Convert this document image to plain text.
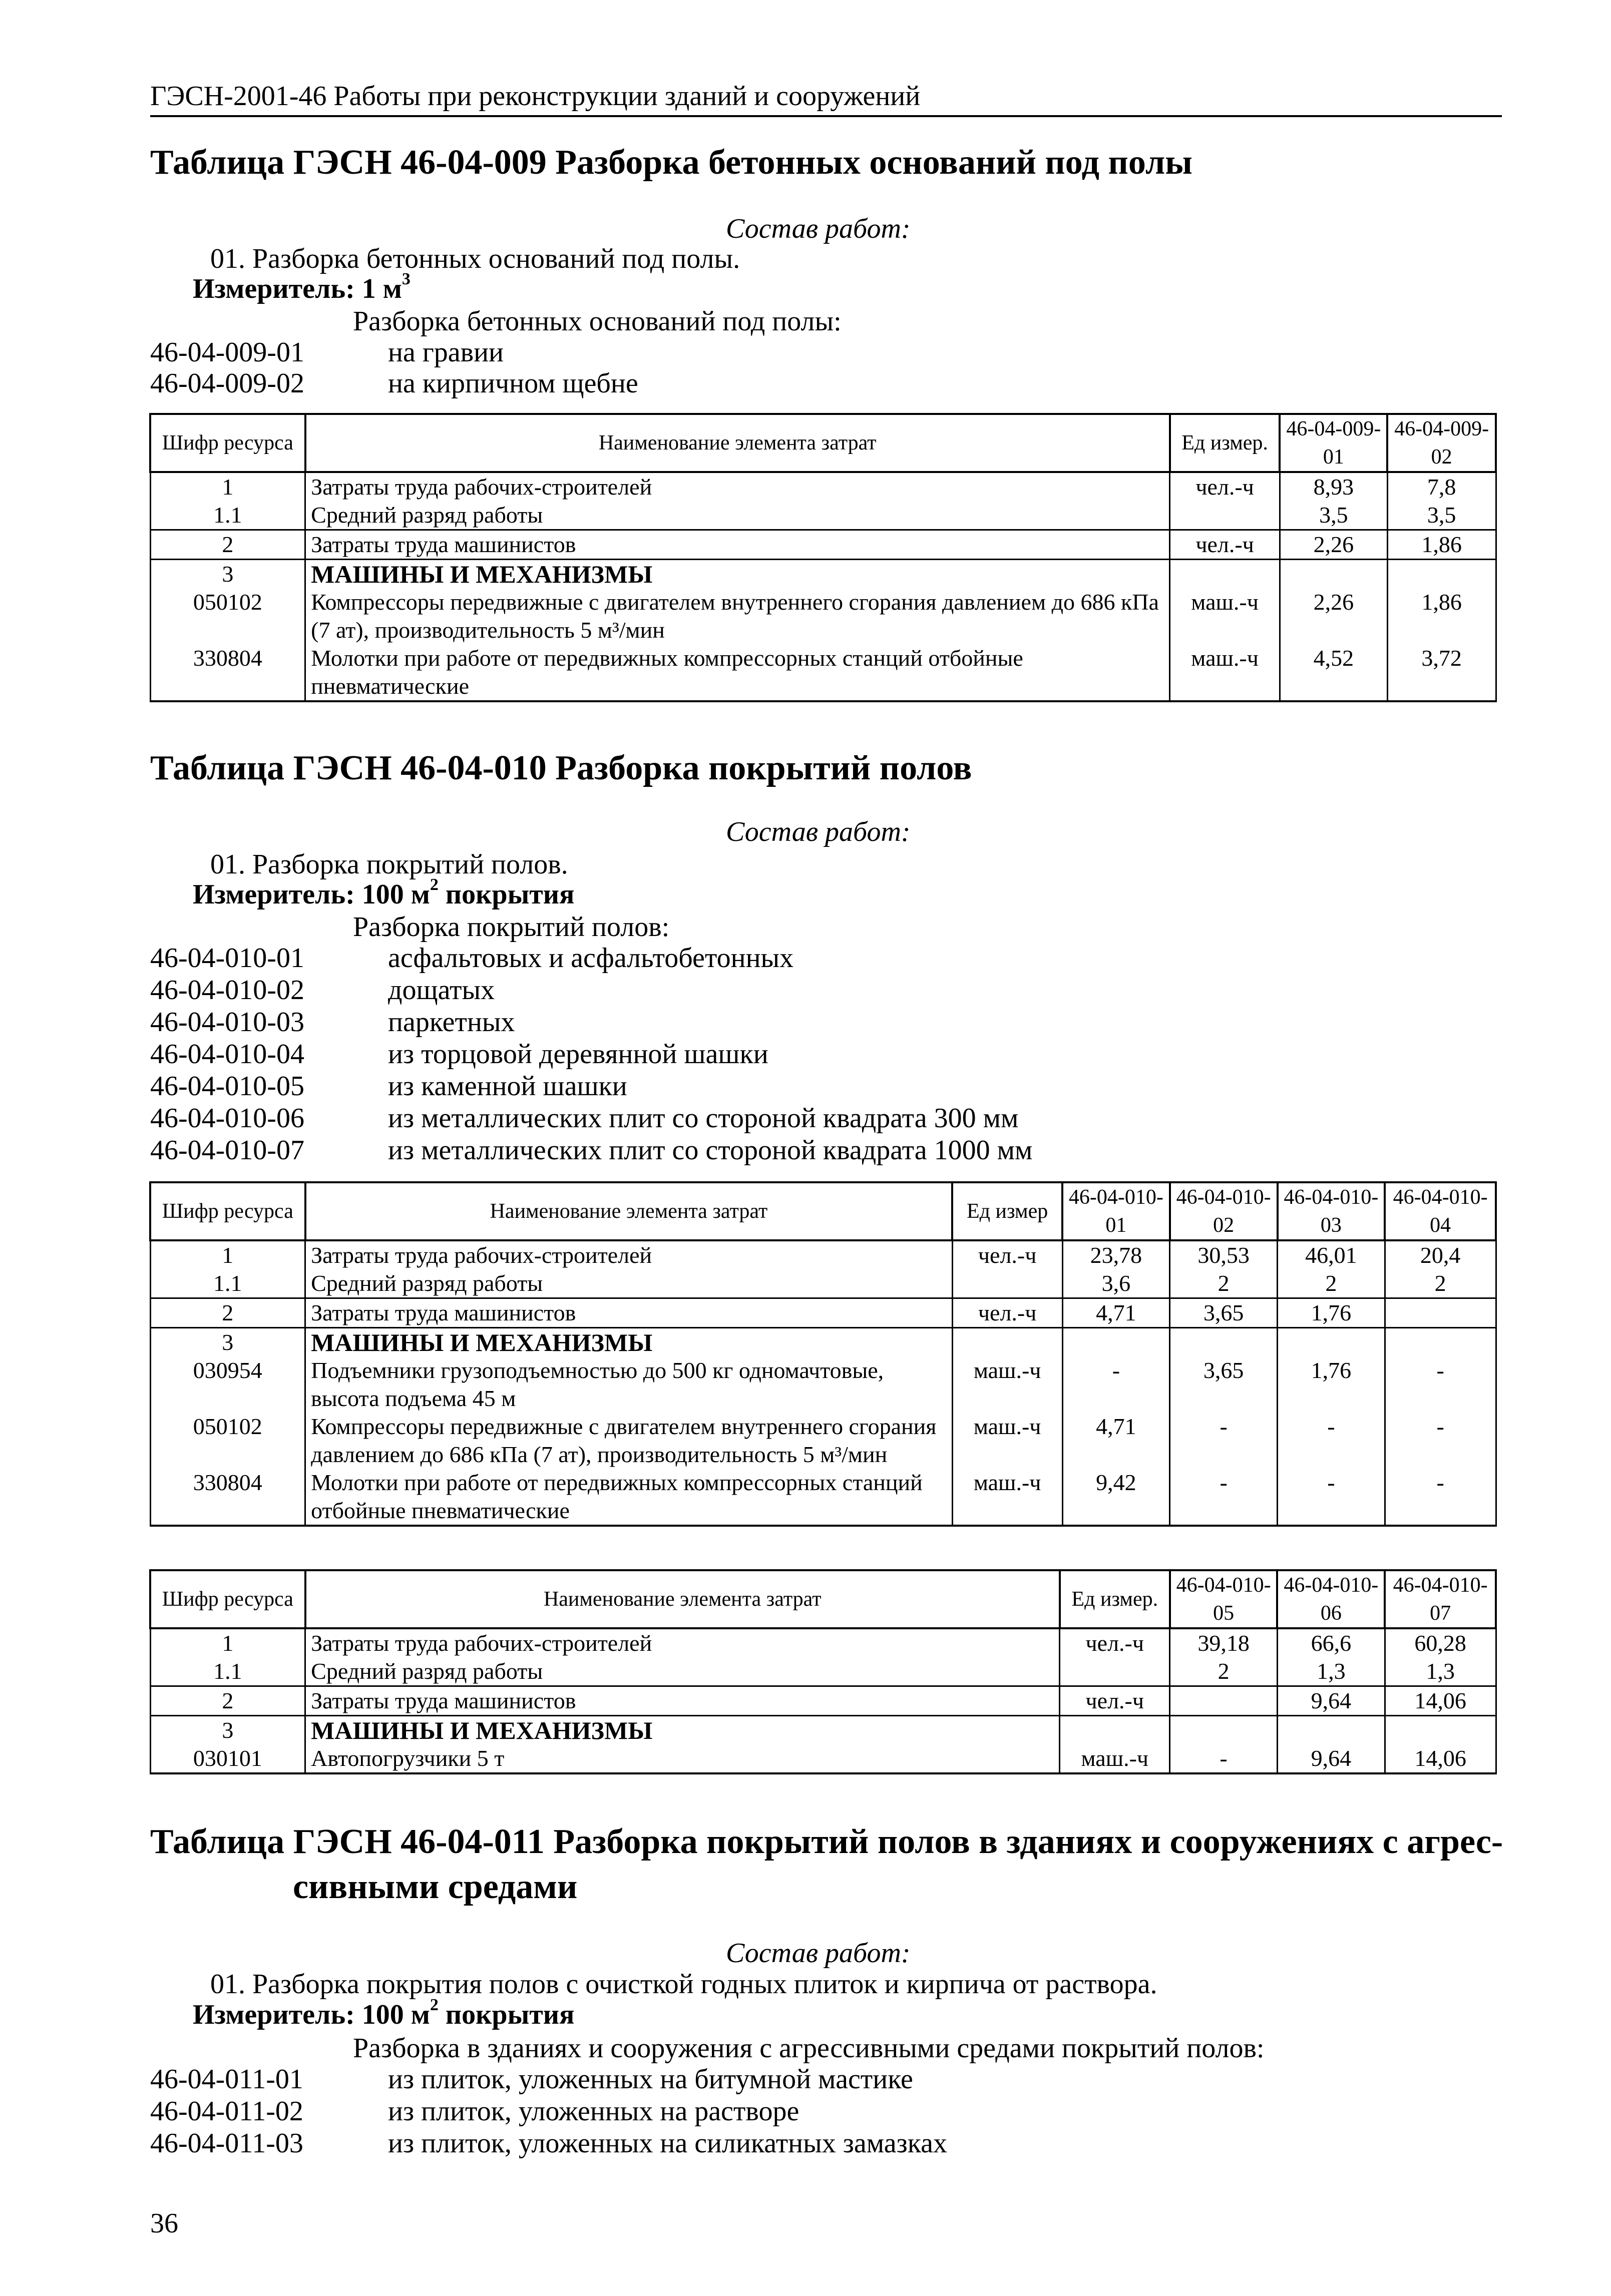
ГЭСН-2001-46 Работы при реконструкции зданий и сооружений
Таблица ГЭСН 46-04-009 Разборка бетонных оснований под полы
Состав работ:
01. Разборка бетонных оснований под полы.
Измеритель: 1 $м^3$
Разборка бетонных оснований под полы:
46-04-009-01	на гравии
46-04-009-02	на кирпичном щебне
Шифр ресурса	Наименование элемента затрат	Ед измер.	46-04-009-01	46-04-009-02
1	Затраты труда рабочих-строителей	чел.-ч	8,93	7,8
1.1	Средний разряд работы		3,5	3,5
2	Затраты труда машинистов	чел.-ч	2,26	1,86
3	МАШИНЫ И МЕХАНИЗМЫ			
050102	Компрессоры передвижные с двигателем внутреннего сгорания давлением до 686 кПа (7 ат), производительность 5 м³/мин	маш.-ч	2,26	1,86
330804	Молотки при работе от передвижных компрессорных станций отбойные пневматические	маш.-ч	4,52	3,72
Таблица ГЭСН 46-04-010 Разборка покрытий полов
Состав работ:
01. Разборка покрытий полов.
Измеритель: 100 $м^2$ покрытия
Разборка покрытий полов:
46-04-010-01	асфальтовых и асфальтобетонных
46-04-010-02	дощатых
46-04-010-03	паркетных
46-04-010-04	из торцовой деревянной шашки
46-04-010-05	из каменной шашки
46-04-010-06	из металлических плит со стороной квадрата 300 мм
46-04-010-07	из металлических плит со стороной квадрата 1000 мм
Шифр ресурса	Наименование элемента затрат	Ед измер	46-04-010-01	46-04-010-02	46-04-010-03	46-04-010-04
1	Затраты труда рабочих-строителей	чел.-ч	23,78	30,53	46,01	20,4
1.1	Средний разряд работы		3,6	2	2	2
2	Затраты труда машинистов	чел.-ч	4,71	3,65	1,76	
3	МАШИНЫ И МЕХАНИЗМЫ					
030954	Подъемники грузоподъемностью до 500 кг одномачтовые, высота подъема 45 м	маш.-ч	-	3,65	1,76	-
050102	Компрессоры передвижные с двигателем внутреннего сгорания давлением до 686 кПа (7 ат), производительность 5 м³/мин	маш.-ч	4,71	-	-	-
330804	Молотки при работе от передвижных компрессорных станций отбойные пневматические	маш.-ч	9,42	-	-	-
Шифр ресурса	Наименование элемента затрат	Ед измер.	46-04-010-05	46-04-010-06	46-04-010-07
1	Затраты труда рабочих-строителей	чел.-ч	39,18	66,6	60,28
1.1	Средний разряд работы		2	1,3	1,3
2	Затраты труда машинистов	чел.-ч		9,64	14,06
3	МАШИНЫ И МЕХАНИЗМЫ				
030101	Автопогрузчики 5 т	маш.-ч	-	9,64	14,06
Таблица ГЭСН 46-04-011 Разборка покрытий полов в зданиях и сооружениях с агрес-
сивными средами
Состав работ:
01. Разборка покрытия полов с очисткой годных плиток и кирпича от раствора.
Измеритель: 100 $м^2$ покрытия
Разборка в зданиях и сооружения с агрессивными средами покрытий полов:
46-04-011-01	из плиток, уложенных на битумной мастике
46-04-011-02	из плиток, уложенных на растворе
46-04-011-03	из плиток, уложенных на силикатных замазках
36
